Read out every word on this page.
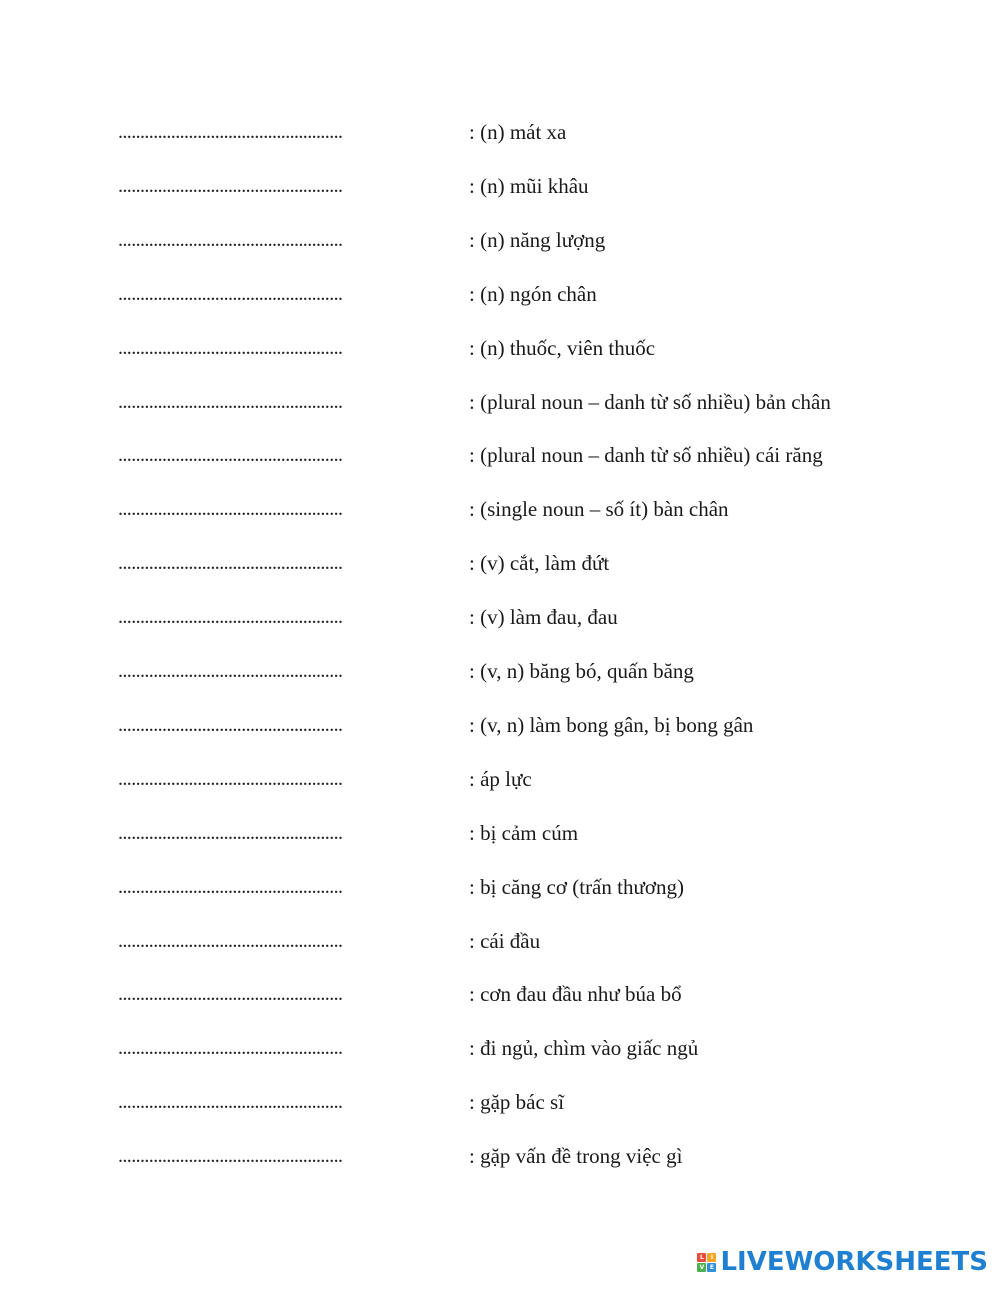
...................................................	: (n) mát xa
...................................................	: (n) mũi khâu
...................................................	: (n) năng lượng
...................................................	: (n) ngón chân
...................................................	: (n) thuốc, viên thuốc
...................................................	: (plural noun – danh từ số nhiều) bản chân
...................................................	: (plural noun – danh từ số nhiều) cái răng
...................................................	: (single noun – số ít) bàn chân
...................................................	: (v) cắt, làm đứt
...................................................	: (v) làm đau, đau
...................................................	: (v, n) băng bó, quấn băng
...................................................	: (v, n) làm bong gân, bị bong gân
...................................................	: áp lực
...................................................	: bị cảm cúm
...................................................	: bị căng cơ (trấn thương)
...................................................	: cái đầu
...................................................	: cơn đau đầu như búa bổ
...................................................	: đi ngủ, chìm vào giấc ngủ
...................................................	: gặp bác sĩ
...................................................	: gặp vấn đề trong việc gì
L	I
V E LIVEWORKSHEETS
